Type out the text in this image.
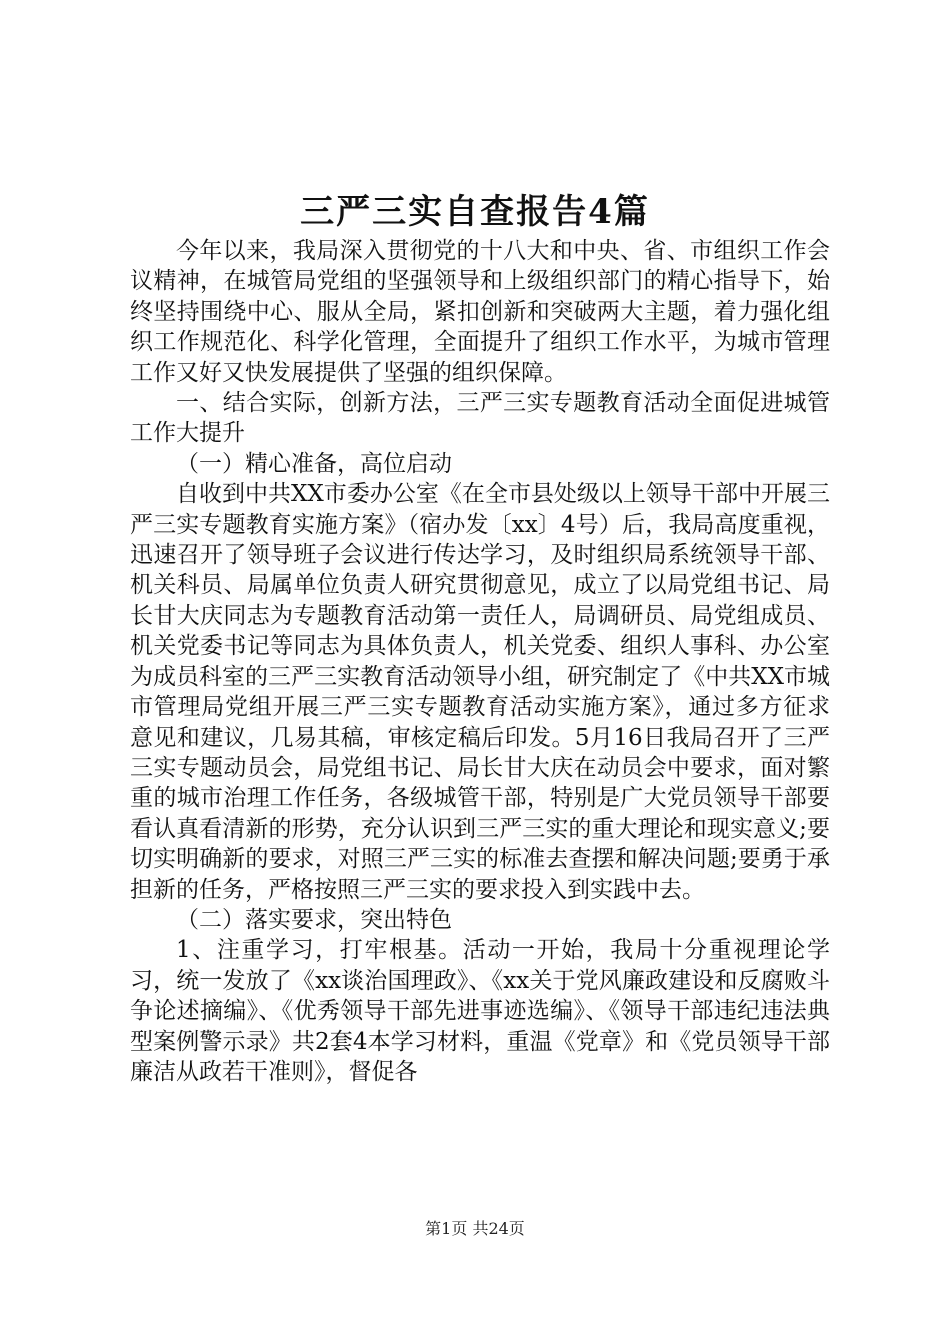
三严三实自查报告4篇

今年以来，我局深入贯彻党的十八大和中央、省、市组织工作会议精神，在城管局党组的坚强领导和上级组织部门的精心指导下，始终坚持围绕中心、服从全局，紧扣创新和突破两大主题，着力强化组织工作规范化、科学化管理，全面提升了组织工作水平，为城市管理工作又好又快发展提供了坚强的组织保障。

一、结合实际，创新方法，三严三实专题教育活动全面促进城管工作大提升

（一）精心准备，高位启动

自收到中共XX市委办公室《在全市县处级以上领导干部中开展三严三实专题教育实施方案》（宿办发〔xx〕4号）后，我局高度重视，迅速召开了领导班子会议进行传达学习，及时组织局系统领导干部、机关科员、局属单位负责人研究贯彻意见，成立了以局党组书记、局长甘大庆同志为专题教育活动第一责任人，局调研员、局党组成员、机关党委书记等同志为具体负责人，机关党委、组织人事科、办公室为成员科室的三严三实教育活动领导小组，研究制定了《中共XX市城市管理局党组开展三严三实专题教育活动实施方案》，通过多方征求意见和建议，几易其稿，审核定稿后印发。5月16日我局召开了三严三实专题动员会，局党组书记、局长甘大庆在动员会中要求，面对繁重的城市治理工作任务，各级城管干部，特别是广大党员领导干部要看认真看清新的形势，充分认识到三严三实的重大理论和现实意义;要切实明确新的要求，对照三严三实的标准去查摆和解决问题;要勇于承担新的任务，严格按照三严三实的要求投入到实践中去。

（二）落实要求，突出特色

1、注重学习，打牢根基。活动一开始，我局十分重视理论学习，统一发放了《xx谈治国理政》、《xx关于党风廉政建设和反腐败斗争论述摘编》、《优秀领导干部先进事迹选编》、《领导干部违纪违法典型案例警示录》共2套4本学习材料，重温《党章》和《党员领导干部廉洁从政若干准则》，督促各

第1页 共24页
